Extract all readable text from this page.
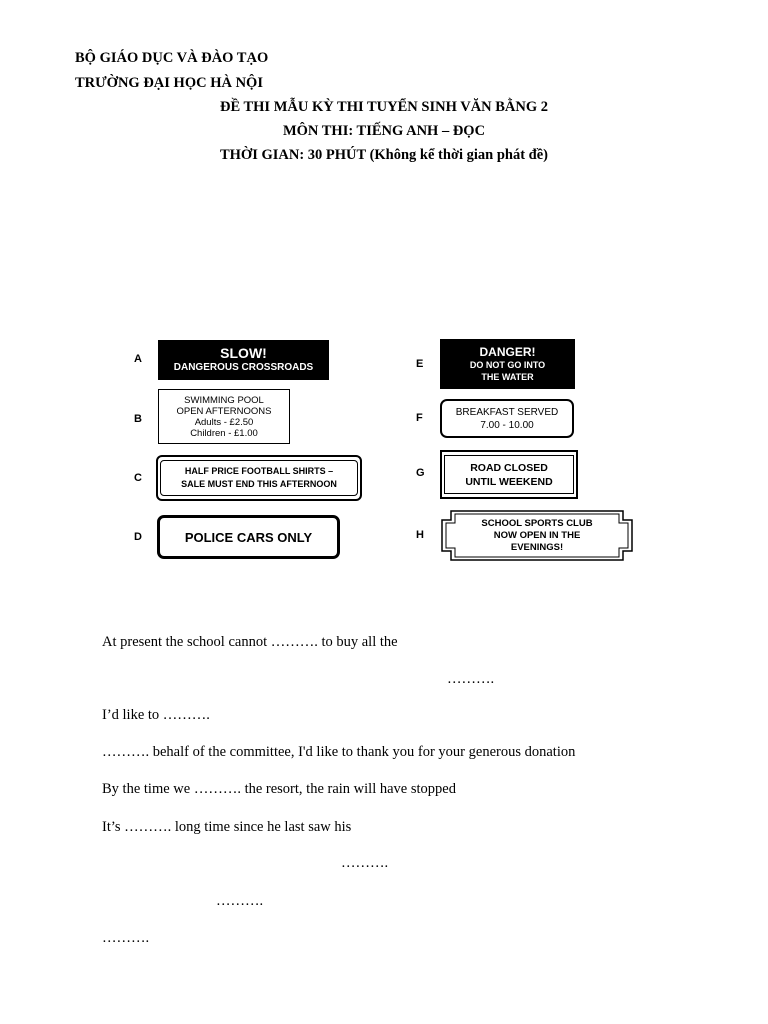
BỘ GIÁO DỤC VÀ ĐÀO TẠO
TRƯỜNG ĐẠI HỌC HÀ NỘI
ĐỀ THI MẪU KỲ THI TUYỂN SINH VĂN BẰNG 2
MÔN THI: TIẾNG ANH – ĐỌC
THỜI GIAN: 30 PHÚT (Không kể thời gian phát đề)
A
B
C
D
E
F
G
H
SLOW!
DANGEROUS CROSSROADS
SWIMMING POOL
OPEN AFTERNOONS
Adults - £2.50
Children - £1.00
HALF PRICE FOOTBALL SHIRTS –
SALE MUST END THIS AFTERNOON
POLICE CARS ONLY
DANGER!
DO NOT GO INTO
THE WATER
BREAKFAST SERVED
7.00 - 10.00
ROAD CLOSED
UNTIL WEEKEND
SCHOOL SPORTS CLUB
NOW OPEN IN THE
EVENINGS!
At present the school cannot ………. to buy all the
……….
I’d like to ……….
………. behalf of the committee, I'd like to thank you for your generous donation
By the time we ………. the resort, the rain will have stopped
It’s ………. long time since he last saw his
……….
……….
……….
